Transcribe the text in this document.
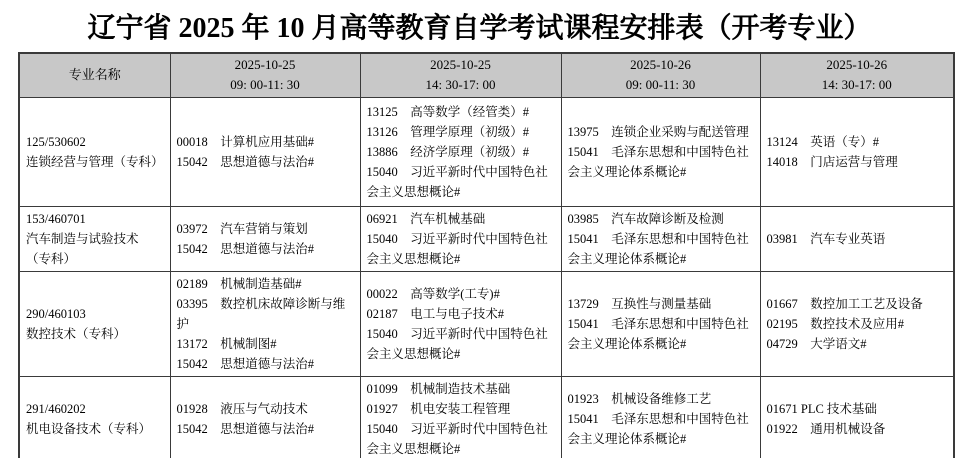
辽宁省 2025 年 10 月高等教育自学考试课程安排表（开考专业）
专业名称	
2025-10-25
09: 00-11: 30

2025-10-25
14: 30-17: 00

2025-10-26
09: 00-11: 30

2025-10-26
14: 30-17: 00

125/530602
连锁经营与管理（专科）

00018　计算机应用基础#
15042　思想道德与法治#

13125　高等数学（经管类）#
13126　管理学原理（初级）#
13886　经济学原理（初级）#
15040　习近平新时代中国特色社会主义思想概论#

13975　连锁企业采购与配送管理
15041　毛泽东思想和中国特色社会主义理论体系概论#

13124　英语（专）#
14018　门店运营与管理

153/460701
汽车制造与试验技术
（专科）

03972　汽车营销与策划
15042　思想道德与法治#

06921　汽车机械基础
15040　习近平新时代中国特色社会主义思想概论#

03985　汽车故障诊断及检测
15041　毛泽东思想和中国特色社会主义理论体系概论#

03981　汽车专业英语

290/460103
数控技术（专科）

02189　机械制造基础#
03395　数控机床故障诊断与维护
13172　机械制图#
15042　思想道德与法治#

00022　高等数学(工专)#
02187　电工与电子技术#
15040　习近平新时代中国特色社会主义思想概论#

13729　互换性与测量基础
15041　毛泽东思想和中国特色社会主义理论体系概论#

01667　数控加工工艺及设备
02195　数控技术及应用#
04729　大学语文#

291/460202
机电设备技术（专科）

01928　液压与气动技术
15042　思想道德与法治#

01099　机械制造技术基础
01927　机电安装工程管理
15040　习近平新时代中国特色社会主义思想概论#

01923　机械设备维修工艺
15041　毛泽东思想和中国特色社会主义理论体系概论#

01671 PLC 技术基础
01922　通用机械设备
